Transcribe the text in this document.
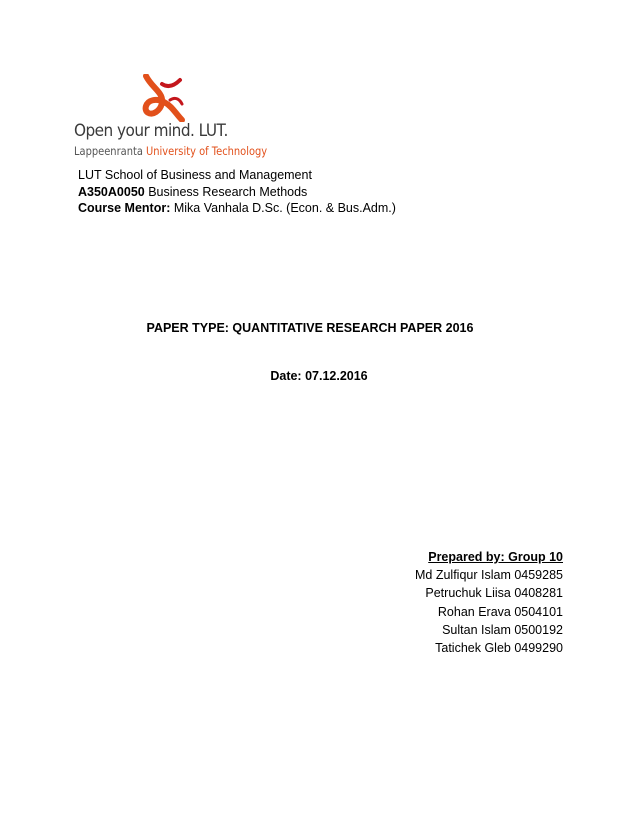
Open your mind. LUT.
Lappeenranta University of Technology
LUT School of Business and Management
A350A0050 Business Research Methods
Course Mentor: Mika Vanhala D.Sc. (Econ. & Bus.Adm.)
PAPER TYPE: QUANTITATIVE RESEARCH PAPER 2016
Date: 07.12.2016
Prepared by: Group 10
Md Zulfiqur Islam 0459285
Petruchuk Liisa 0408281
Rohan Erava 0504101
Sultan Islam 0500192
Tatichek Gleb 0499290
